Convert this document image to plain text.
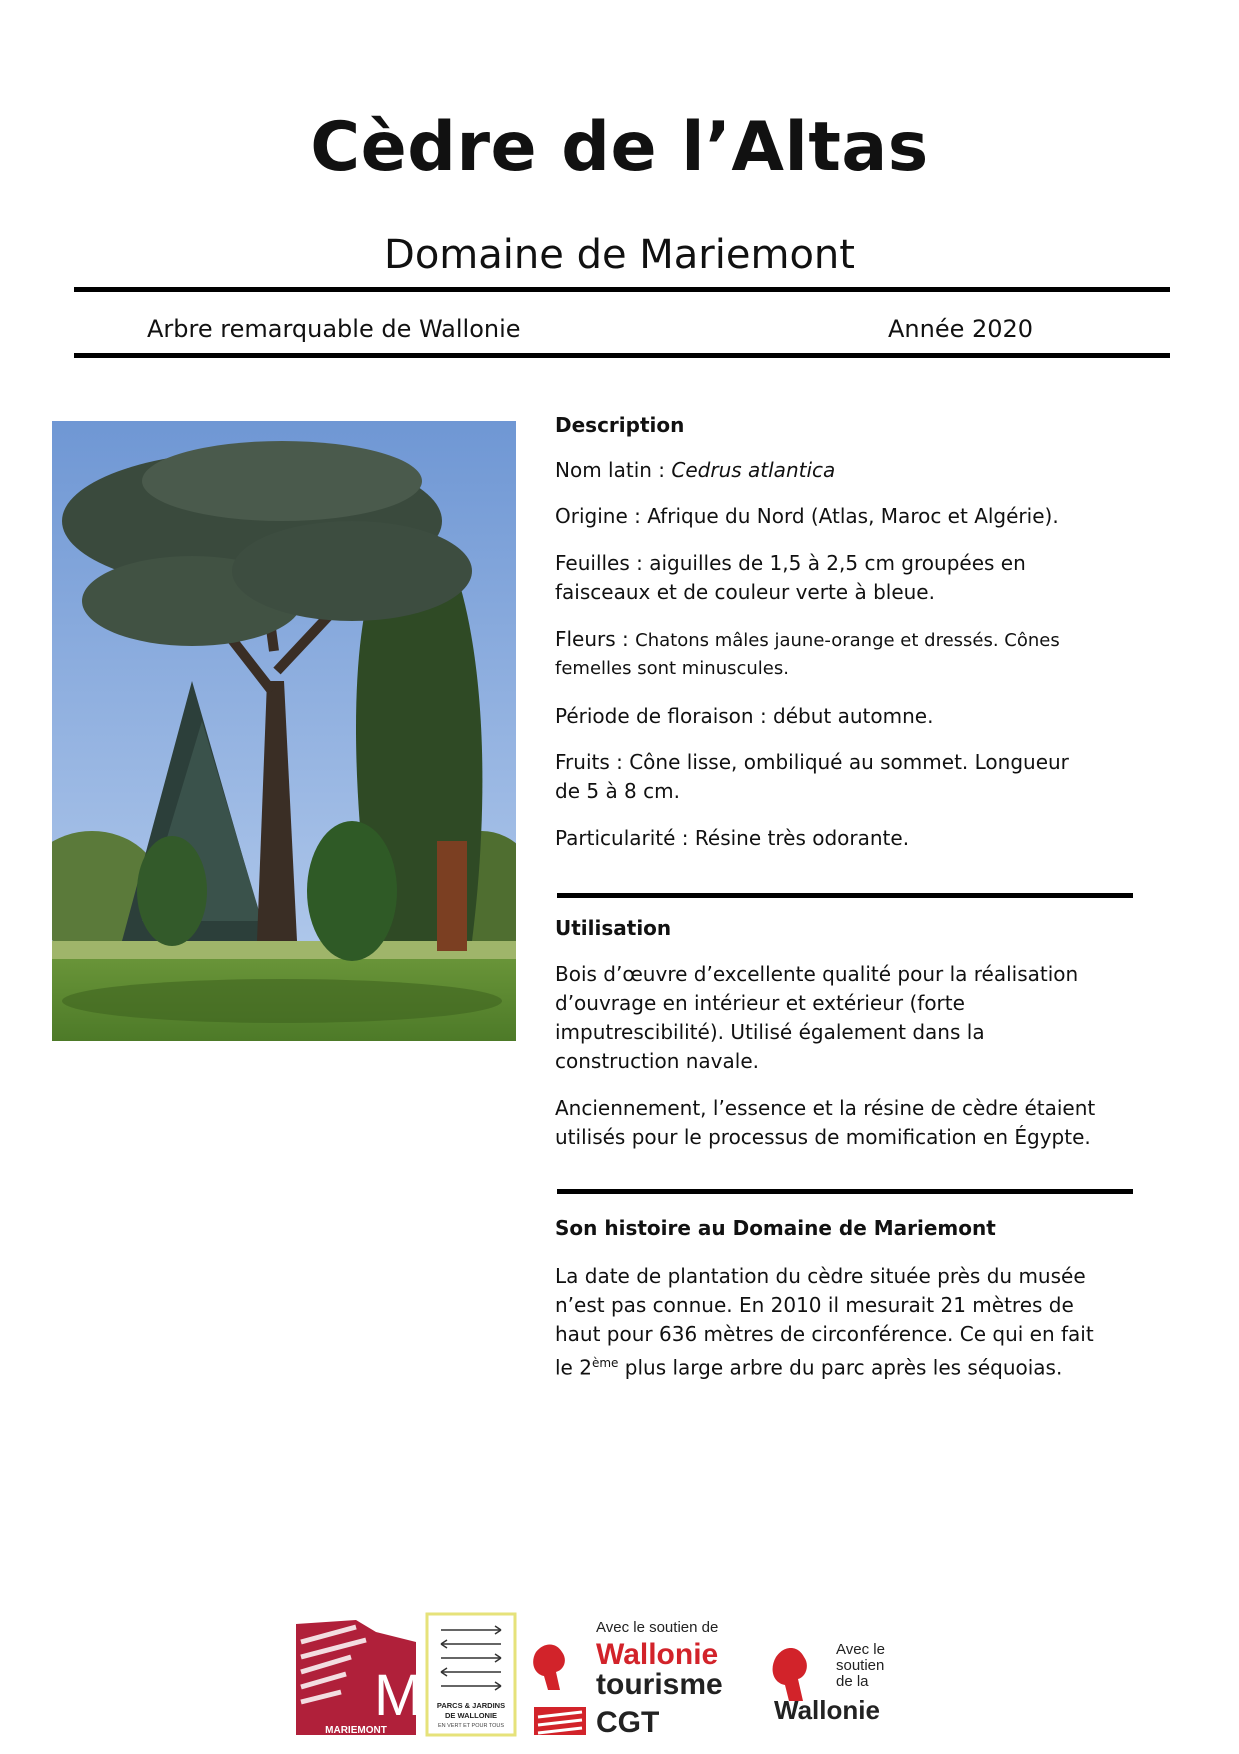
Cèdre de l’Altas
Domaine de Mariemont
Arbre remarquable de Wallonie	Année 2020
Description
Nom latin : Cedrus atlantica
Origine : Afrique du Nord (Atlas, Maroc et Algérie).
Feuilles : aiguilles de 1,5 à 2,5 cm groupées en
faisceaux et de couleur verte à bleue.
Fleurs : Chatons mâles jaune-orange et dressés. Cônes
femelles sont minuscules.
Période de floraison : début automne.
Fruits : Cône lisse, ombiliqué au sommet. Longueur
de 5 à 8 cm.
Particularité : Résine très odorante.
Utilisation
Bois d’œuvre d’excellente qualité pour la réalisation
d’ouvrage en intérieur et extérieur (forte
imputrescibilité). Utilisé également dans la
construction navale.
Anciennement, l’essence et la résine de cèdre étaient
utilisés pour le processus de momification en Égypte.
Son histoire au Domaine de Mariemont
La date de plantation du cèdre située près du musée
n’est pas connue. En 2010 il mesurait 21 mètres de
haut pour 636 mètres de circonférence. Ce qui en fait
le 2ème plus large arbre du parc après les séquoias.
M
MARIEMONT
PARCS & JARDINS
DE WALLONIE
EN VERT ET POUR TOUS
Avec le soutien de
Wallonie
tourisme
CGT
Avec le
soutien
de la
Wallonie
